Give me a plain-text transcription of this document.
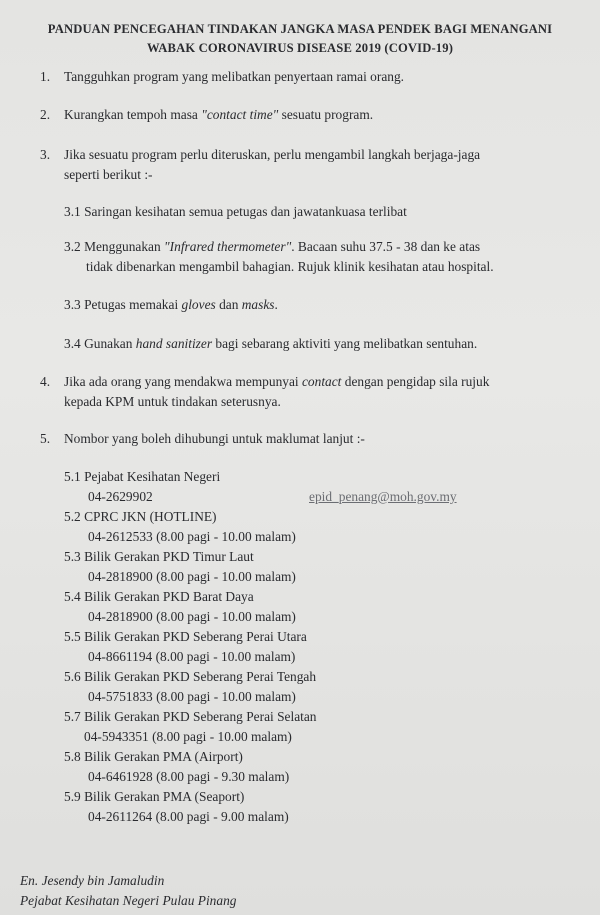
PANDUAN PENCEGAHAN TINDAKAN JANGKA MASA PENDEK BAGI MENANGANI
WABAK CORONAVIRUS DISEASE 2019 (COVID-19)
1. Tangguhkan program yang melibatkan penyertaan ramai orang.
2. Kurangkan tempoh masa "contact time" sesuatu program.
3. Jika sesuatu program perlu diteruskan, perlu mengambil langkah berjaga-jaga
seperti berikut :-
3.1 Saringan kesihatan semua petugas dan jawatankuasa terlibat
3.2 Menggunakan "Infrared thermometer". Bacaan suhu 37.5 - 38 dan ke atas
tidak dibenarkan mengambil bahagian. Rujuk klinik kesihatan atau hospital.
3.3 Petugas memakai gloves dan masks.
3.4 Gunakan hand sanitizer bagi sebarang aktiviti yang melibatkan sentuhan.
4. Jika ada orang yang mendakwa mempunyai contact dengan pengidap sila rujuk
kepada KPM untuk tindakan seterusnya.
5. Nombor yang boleh dihubungi untuk maklumat lanjut :-
5.1 Pejabat Kesihatan Negeri
04-2629902	epid_penang@moh.gov.my
5.2 CPRC JKN (HOTLINE)
04-2612533 (8.00 pagi - 10.00 malam)
5.3 Bilik Gerakan PKD Timur Laut
04-2818900 (8.00 pagi - 10.00 malam)
5.4 Bilik Gerakan PKD Barat Daya
04-2818900 (8.00 pagi - 10.00 malam)
5.5 Bilik Gerakan PKD Seberang Perai Utara
04-8661194 (8.00 pagi - 10.00 malam)
5.6 Bilik Gerakan PKD Seberang Perai Tengah
04-5751833 (8.00 pagi - 10.00 malam)
5.7 Bilik Gerakan PKD Seberang Perai Selatan
04-5943351 (8.00 pagi - 10.00 malam)
5.8 Bilik Gerakan PMA (Airport)
04-6461928 (8.00 pagi - 9.30 malam)
5.9 Bilik Gerakan PMA (Seaport)
04-2611264 (8.00 pagi - 9.00 malam)
En. Jesendy bin Jamaludin
Pejabat Kesihatan Negeri Pulau Pinang
